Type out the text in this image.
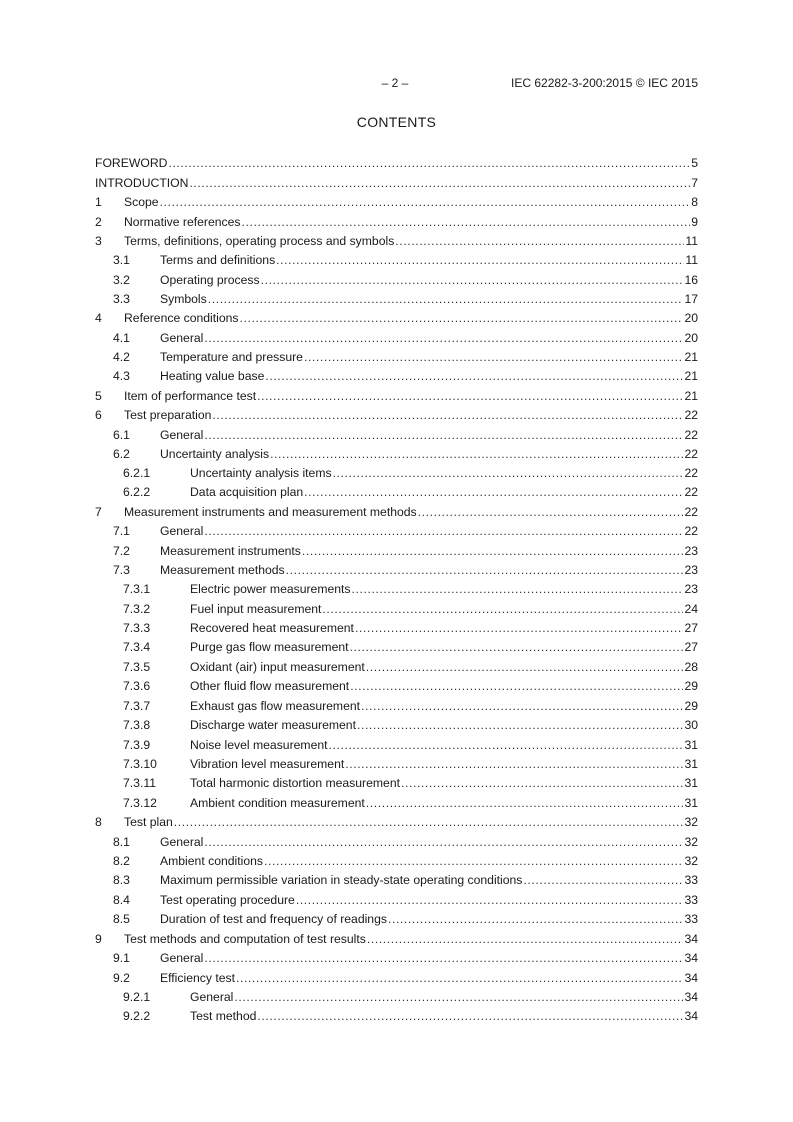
– 2 –	IEC 62282-3-200:2015 © IEC 2015
CONTENTS
FOREWORD .....	5
INTRODUCTION .....	7
1	Scope .....	8
2	Normative references .....	9
3	Terms, definitions, operating process and symbols .....	11
3.1	Terms and definitions .....	11
3.2	Operating process .....	16
3.3	Symbols .....	17
4	Reference conditions .....	20
4.1	General .....	20
4.2	Temperature and pressure .....	21
4.3	Heating value base .....	21
5	Item of performance test .....	21
6	Test preparation .....	22
6.1	General .....	22
6.2	Uncertainty analysis .....	22
6.2.1	Uncertainty analysis items .....	22
6.2.2	Data acquisition plan .....	22
7	Measurement instruments and measurement methods .....	22
7.1	General .....	22
7.2	Measurement instruments .....	23
7.3	Measurement methods .....	23
7.3.1	Electric power measurements .....	23
7.3.2	Fuel input measurement .....	24
7.3.3	Recovered heat measurement .....	27
7.3.4	Purge gas flow measurement .....	27
7.3.5	Oxidant (air) input measurement .....	28
7.3.6	Other fluid flow measurement .....	29
7.3.7	Exhaust gas flow measurement .....	29
7.3.8	Discharge water measurement .....	30
7.3.9	Noise level measurement .....	31
7.3.10	Vibration level measurement .....	31
7.3.11	Total harmonic distortion measurement .....	31
7.3.12	Ambient condition measurement .....	31
8	Test plan .....	32
8.1	General .....	32
8.2	Ambient conditions .....	32
8.3	Maximum permissible variation in steady-state operating conditions .....	33
8.4	Test operating procedure .....	33
8.5	Duration of test and frequency of readings .....	33
9	Test methods and computation of test results .....	34
9.1	General .....	34
9.2	Efficiency test .....	34
9.2.1	General .....	34
9.2.2	Test method .....	34
